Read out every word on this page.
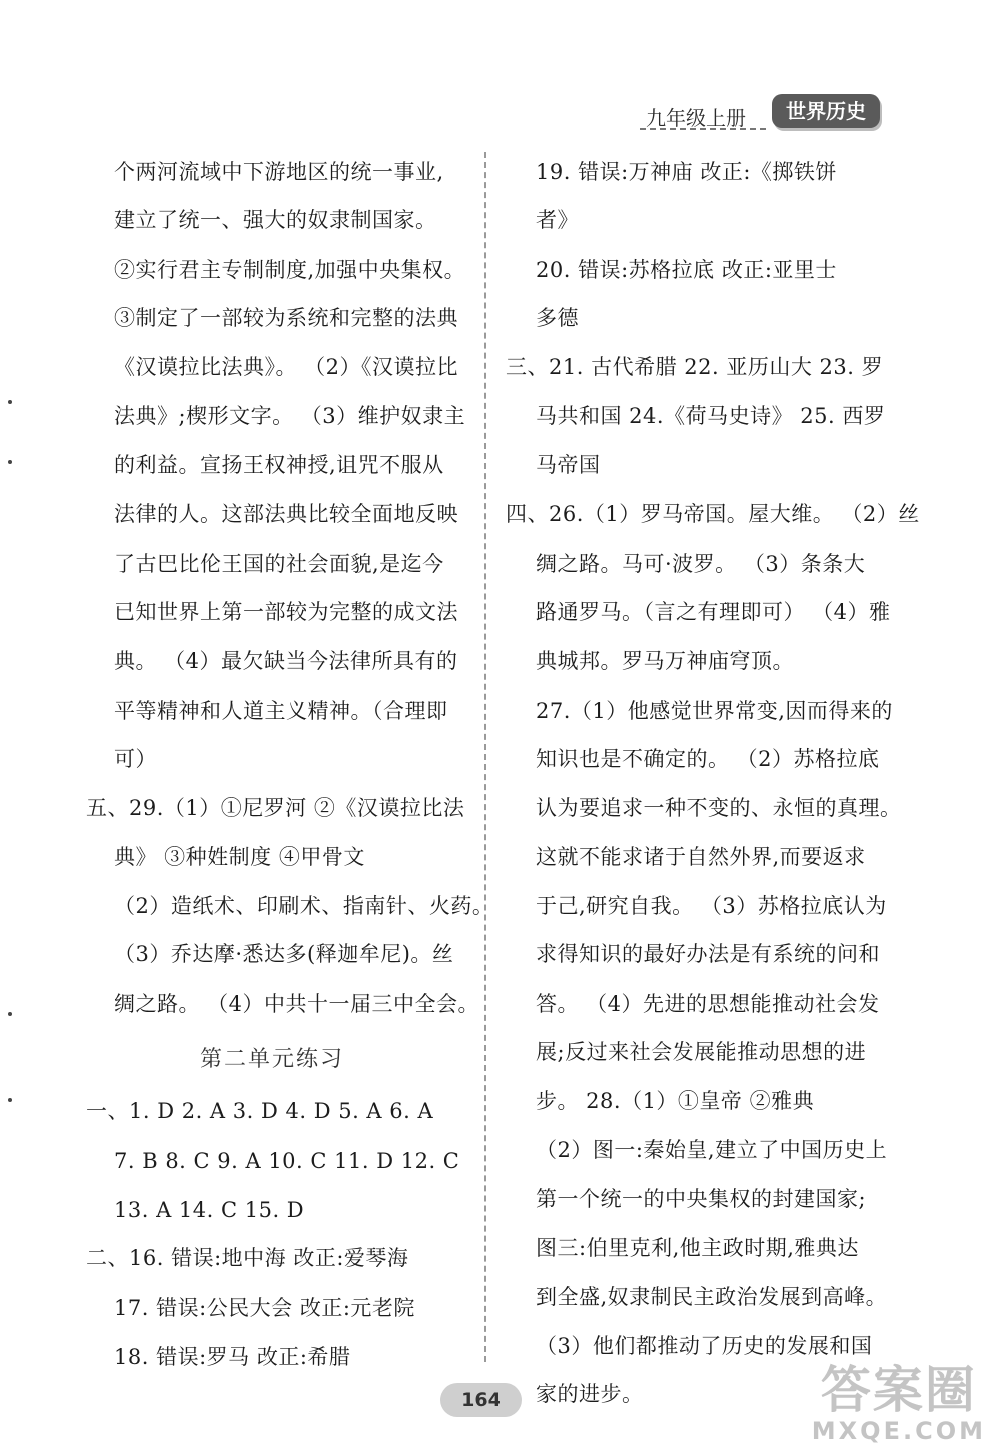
九年级上册	世界历史
个两河流域中下游地区的统一事业,
建立了统一、强大的奴隶制国家。
②实行君主专制制度,加强中央集权。
③制定了一部较为系统和完整的法典
《汉谟拉比法典》。 （2）《汉谟拉比
法典》;楔形文字。 （3）维护奴隶主
的利益。宣扬王权神授,诅咒不服从
法律的人。这部法典比较全面地反映
了古巴比伦王国的社会面貌,是迄今
已知世界上第一部较为完整的成文法
典。 （4）最欠缺当今法律所具有的
平等精神和人道主义精神。（合理即
可）
五、29.（1）①尼罗河 ②《汉谟拉比法
典》 ③种姓制度 ④甲骨文
（2）造纸术、印刷术、指南针、火药。
（3）乔达摩·悉达多(释迦牟尼)。丝
绸之路。 （4）中共十一届三中全会。
第二单元练习
一、1. D 2. A 3. D 4. D 5. A 6. A
7. B 8. C 9. A 10. C 11. D 12. C
13. A 14. C 15. D
二、16. 错误:地中海 改正:爱琴海
17. 错误:公民大会 改正:元老院
18. 错误:罗马 改正:希腊
19. 错误:万神庙 改正:《掷铁饼
者》
20. 错误:苏格拉底 改正:亚里士
多德
三、21. 古代希腊 22. 亚历山大 23. 罗
马共和国 24.《荷马史诗》 25. 西罗
马帝国
四、26.（1）罗马帝国。屋大维。 （2）丝
绸之路。马可·波罗。 （3）条条大
路通罗马。（言之有理即可） （4）雅
典城邦。罗马万神庙穹顶。
27.（1）他感觉世界常变,因而得来的
知识也是不确定的。 （2）苏格拉底
认为要追求一种不变的、永恒的真理。
这就不能求诸于自然外界,而要返求
于己,研究自我。 （3）苏格拉底认为
求得知识的最好办法是有系统的问和
答。 （4）先进的思想能推动社会发
展;反过来社会发展能推动思想的进
步。 28.（1）①皇帝 ②雅典
（2）图一:秦始皇,建立了中国历史上
第一个统一的中央集权的封建国家;
图三:伯里克利,他主政时期,雅典达
到全盛,奴隶制民主政治发展到高峰。
（3）他们都推动了历史的发展和国
家的进步。
164	答案圈
MXQE.COM
